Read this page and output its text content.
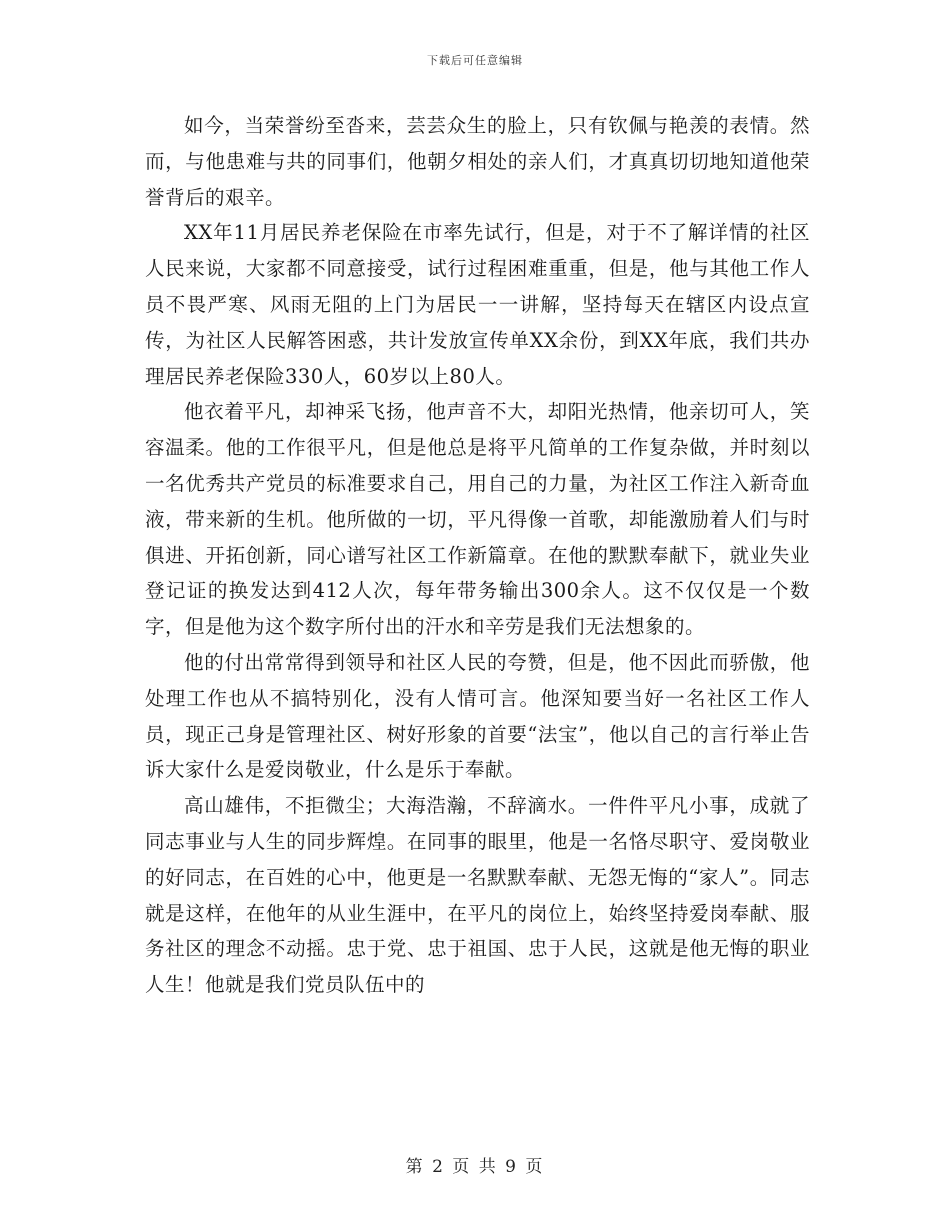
下载后可任意编辑

如今，当荣誉纷至沓来，芸芸众生的脸上，只有钦佩与艳羡的表情。然而，与他患难与共的同事们，他朝夕相处的亲人们，才真真切切地知道他荣誉背后的艰辛。

XX年11月居民养老保险在市率先试行，但是，对于不了解详情的社区人民来说，大家都不同意接受，试行过程困难重重，但是，他与其他工作人员不畏严寒、风雨无阻的上门为居民一一讲解，坚持每天在辖区内设点宣传，为社区人民解答困惑，共计发放宣传单XX余份，到XX年底，我们共办理居民养老保险330人，60岁以上80人。

他衣着平凡，却神采飞扬，他声音不大，却阳光热情，他亲切可人，笑容温柔。他的工作很平凡，但是他总是将平凡简单的工作复杂做，并时刻以一名优秀共产党员的标准要求自己，用自己的力量，为社区工作注入新奇血液，带来新的生机。他所做的一切，平凡得像一首歌，却能激励着人们与时俱进、开拓创新，同心谱写社区工作新篇章。在他的默默奉献下，就业失业登记证的换发达到412人次，每年带务输出300余人。这不仅仅是一个数字，但是他为这个数字所付出的汗水和辛劳是我们无法想象的。

他的付出常常得到领导和社区人民的夸赞，但是，他不因此而骄傲，他处理工作也从不搞特别化，没有人情可言。他深知要当好一名社区工作人员，现正己身是管理社区、树好形象的首要“法宝”，他以自己的言行举止告诉大家什么是爱岗敬业，什么是乐于奉献。

高山雄伟，不拒微尘；大海浩瀚，不辞滴水。一件件平凡小事，成就了同志事业与人生的同步辉煌。在同事的眼里，他是一名恪尽职守、爱岗敬业的好同志，在百姓的心中，他更是一名默默奉献、无怨无悔的“家人”。同志就是这样，在他年的从业生涯中，在平凡的岗位上，始终坚持爱岗奉献、服务社区的理念不动摇。忠于党、忠于祖国、忠于人民，这就是他无悔的职业人生！他就是我们党员队伍中的

第 2 页 共 9 页
